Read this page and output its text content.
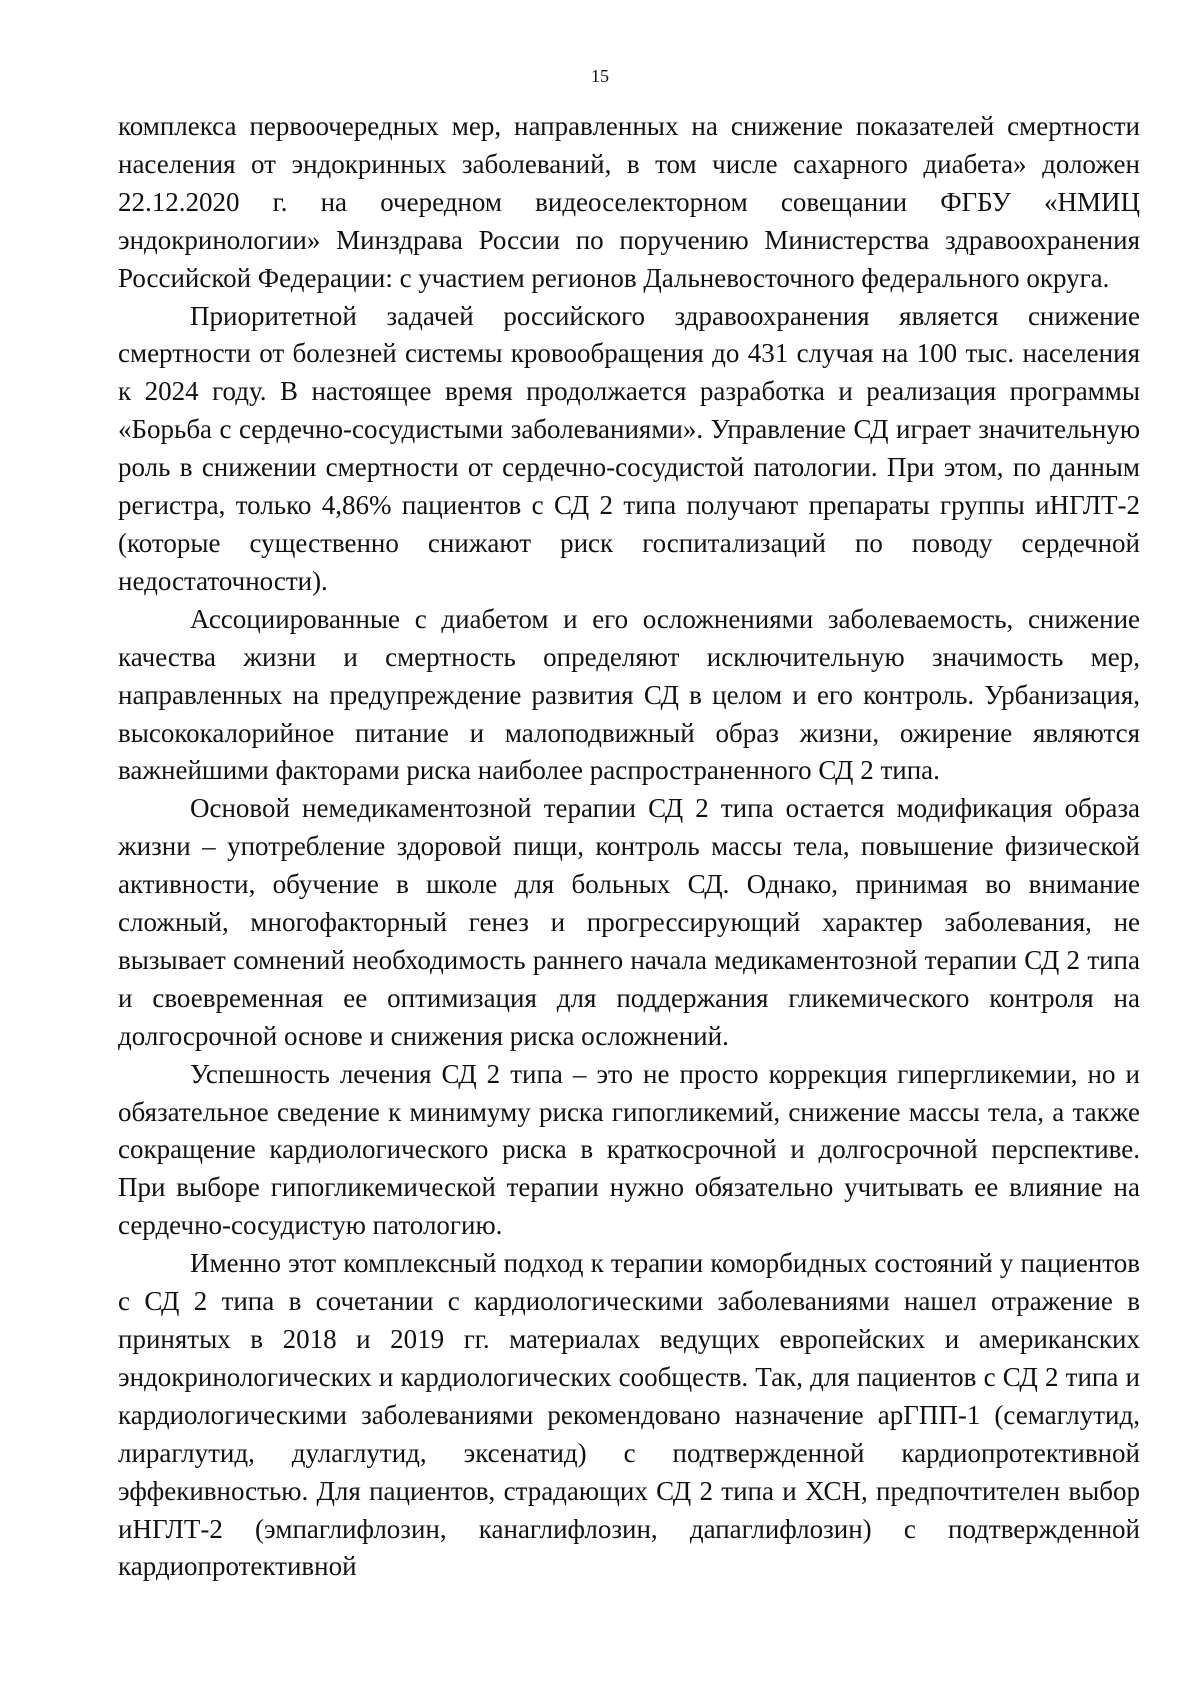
15

комплекса первоочередных мер, направленных на снижение показателей смертности населения от эндокринных заболеваний, в том числе сахарного диабета» доложен 22.12.2020 г. на очередном видеоселекторном совещании ФГБУ «НМИЦ эндокринологии» Минздрава России по поручению Министерства здравоохранения Российской Федерации: с участием регионов Дальневосточного федерального округа.

Приоритетной задачей российского здравоохранения является снижение смертности от болезней системы кровообращения до 431 случая на 100 тыс. населения к 2024 году. В настоящее время продолжается разработка и реализация программы «Борьба с сердечно-сосудистыми заболеваниями». Управление СД играет значительную роль в снижении смертности от сердечно-сосудистой патологии. При этом, по данным регистра, только 4,86% пациентов с СД 2 типа получают препараты группы иНГЛТ-2 (которые существенно снижают риск госпитализаций по поводу сердечной недостаточности).

Ассоциированные с диабетом и его осложнениями заболеваемость, снижение качества жизни и смертность определяют исключительную значимость мер, направленных на предупреждение развития СД в целом и его контроль. Урбанизация, высококалорийное питание и малоподвижный образ жизни, ожирение являются важнейшими факторами риска наиболее распространенного СД 2 типа.

Основой немедикаментозной терапии СД 2 типа остается модификация образа жизни – употребление здоровой пищи, контроль массы тела, повышение физической активности, обучение в школе для больных СД. Однако, принимая во внимание сложный, многофакторный генез и прогрессирующий характер заболевания, не вызывает сомнений необходимость раннего начала медикаментозной терапии СД 2 типа и своевременная ее оптимизация для поддержания гликемического контроля на долгосрочной основе и снижения риска осложнений.

Успешность лечения СД 2 типа – это не просто коррекция гипергликемии, но и обязательное сведение к минимуму риска гипогликемий, снижение массы тела, а также сокращение кардиологического риска в краткосрочной и долгосрочной перспективе. При выборе гипогликемической терапии нужно обязательно учитывать ее влияние на сердечно-сосудистую патологию.

Именно этот комплексный подход к терапии коморбидных состояний у пациентов с СД 2 типа в сочетании с кардиологическими заболеваниями нашел отражение в принятых в 2018 и 2019 гг. материалах ведущих европейских и американских эндокринологических и кардиологических сообществ. Так, для пациентов с СД 2 типа и кардиологическими заболеваниями рекомендовано назначение арГПП-1 (семаглутид, лираглутид, дулаглутид, эксенатид) с подтвержденной кардиопротективной эффекивностью. Для пациентов, страдающих СД 2 типа и ХСН, предпочтителен выбор иНГЛТ-2 (эмпаглифлозин, канаглифлозин, дапаглифлозин) с подтвержденной кардиопротективной
